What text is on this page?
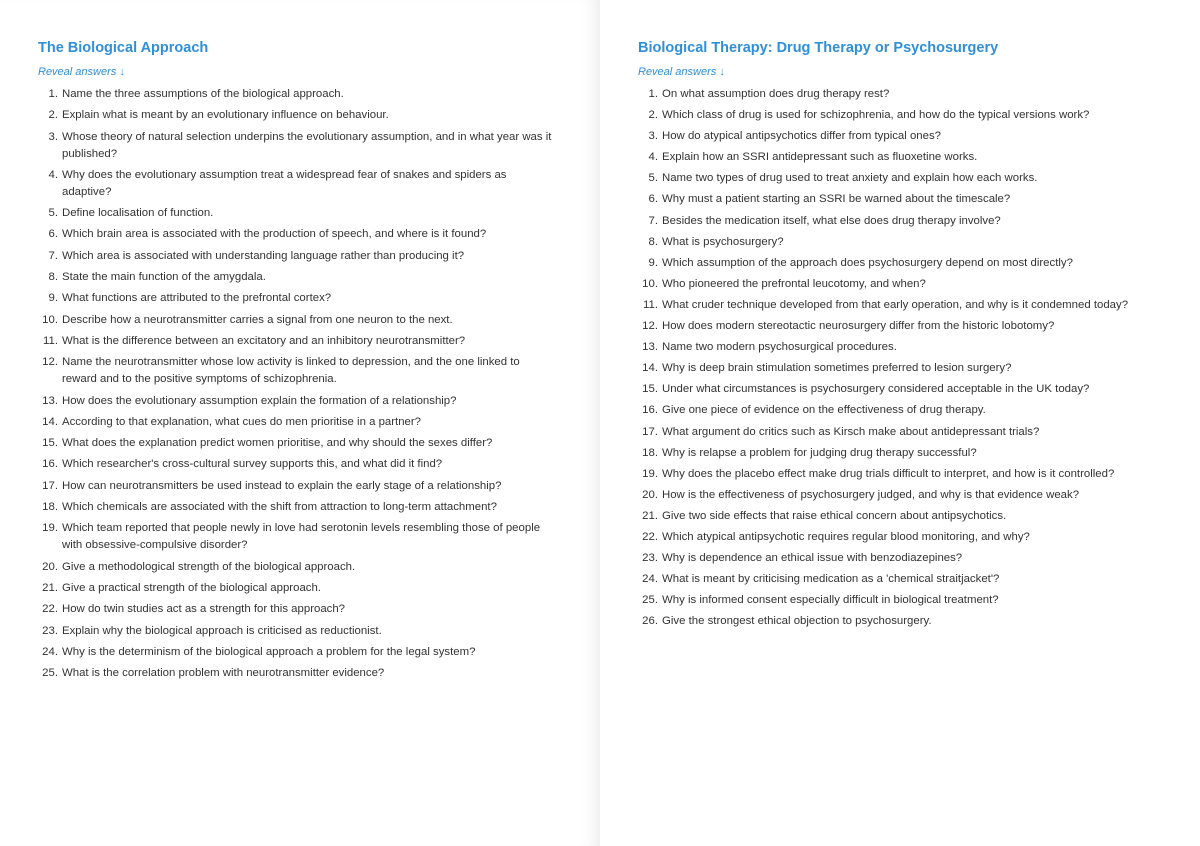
The Biological Approach
Reveal answers ↓
1. Name the three assumptions of the biological approach.
2. Explain what is meant by an evolutionary influence on behaviour.
3. Whose theory of natural selection underpins the evolutionary assumption, and in what year was it published?
4. Why does the evolutionary assumption treat a widespread fear of snakes and spiders as adaptive?
5. Define localisation of function.
6. Which brain area is associated with the production of speech, and where is it found?
7. Which area is associated with understanding language rather than producing it?
8. State the main function of the amygdala.
9. What functions are attributed to the prefrontal cortex?
10. Describe how a neurotransmitter carries a signal from one neuron to the next.
11. What is the difference between an excitatory and an inhibitory neurotransmitter?
12. Name the neurotransmitter whose low activity is linked to depression, and the one linked to reward and to the positive symptoms of schizophrenia.
13. How does the evolutionary assumption explain the formation of a relationship?
14. According to that explanation, what cues do men prioritise in a partner?
15. What does the explanation predict women prioritise, and why should the sexes differ?
16. Which researcher's cross-cultural survey supports this, and what did it find?
17. How can neurotransmitters be used instead to explain the early stage of a relationship?
18. Which chemicals are associated with the shift from attraction to long-term attachment?
19. Which team reported that people newly in love had serotonin levels resembling those of people with obsessive-compulsive disorder?
20. Give a methodological strength of the biological approach.
21. Give a practical strength of the biological approach.
22. How do twin studies act as a strength for this approach?
23. Explain why the biological approach is criticised as reductionist.
24. Why is the determinism of the biological approach a problem for the legal system?
25. What is the correlation problem with neurotransmitter evidence?
Biological Therapy: Drug Therapy or Psychosurgery
Reveal answers ↓
1. On what assumption does drug therapy rest?
2. Which class of drug is used for schizophrenia, and how do the typical versions work?
3. How do atypical antipsychotics differ from typical ones?
4. Explain how an SSRI antidepressant such as fluoxetine works.
5. Name two types of drug used to treat anxiety and explain how each works.
6. Why must a patient starting an SSRI be warned about the timescale?
7. Besides the medication itself, what else does drug therapy involve?
8. What is psychosurgery?
9. Which assumption of the approach does psychosurgery depend on most directly?
10. Who pioneered the prefrontal leucotomy, and when?
11. What cruder technique developed from that early operation, and why is it condemned today?
12. How does modern stereotactic neurosurgery differ from the historic lobotomy?
13. Name two modern psychosurgical procedures.
14. Why is deep brain stimulation sometimes preferred to lesion surgery?
15. Under what circumstances is psychosurgery considered acceptable in the UK today?
16. Give one piece of evidence on the effectiveness of drug therapy.
17. What argument do critics such as Kirsch make about antidepressant trials?
18. Why is relapse a problem for judging drug therapy successful?
19. Why does the placebo effect make drug trials difficult to interpret, and how is it controlled?
20. How is the effectiveness of psychosurgery judged, and why is that evidence weak?
21. Give two side effects that raise ethical concern about antipsychotics.
22. Which atypical antipsychotic requires regular blood monitoring, and why?
23. Why is dependence an ethical issue with benzodiazepines?
24. What is meant by criticising medication as a 'chemical straitjacket'?
25. Why is informed consent especially difficult in biological treatment?
26. Give the strongest ethical objection to psychosurgery.
